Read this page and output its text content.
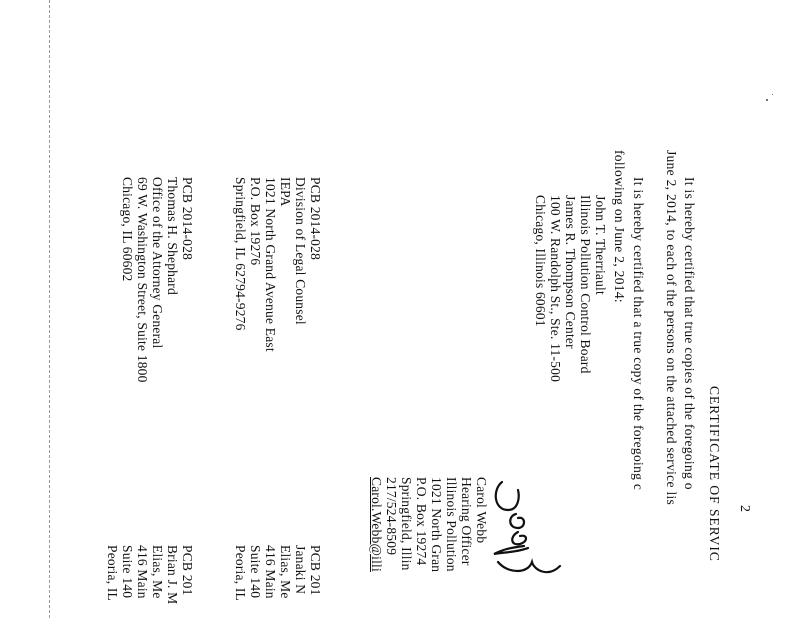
2
CERTIFICATE OF SERVIC
It is hereby certified that true copies of the foregoing o
June 2, 2014, to each of the persons on the attached service lis
It is hereby certified that a true copy of the foregoing c
following on June 2, 2014:
John T. Therriault
Illinois Pollution Control Board
James R. Thompson Center
100 W. Randolph St., Ste. 11-500
Chicago, Illinois 60601
Carol Webb
Hearing Officer
Illinois Pollution
1021 North Gran
P.O. Box 19274
Springfield, Illin
217/524-8509
Carol.Webb@illi
PCB 2014-028
Division of Legal Counsel
IEPA
1021 North Grand Avenue East
P.O. Box 19276
Springfield, IL 62794-9276
PCB 201
Janaki N
Elias, Me
416 Main
Suite 140
Peoria, IL
PCB 2014-028
Thomas H. Shephard
Office of the Attorney General
69 W. Washington Street, Suite 1800
Chicago, IL 60602
PCB 201
Brian J. M
Elias, Me
416 Main
Suite 140
Peoria, IL
